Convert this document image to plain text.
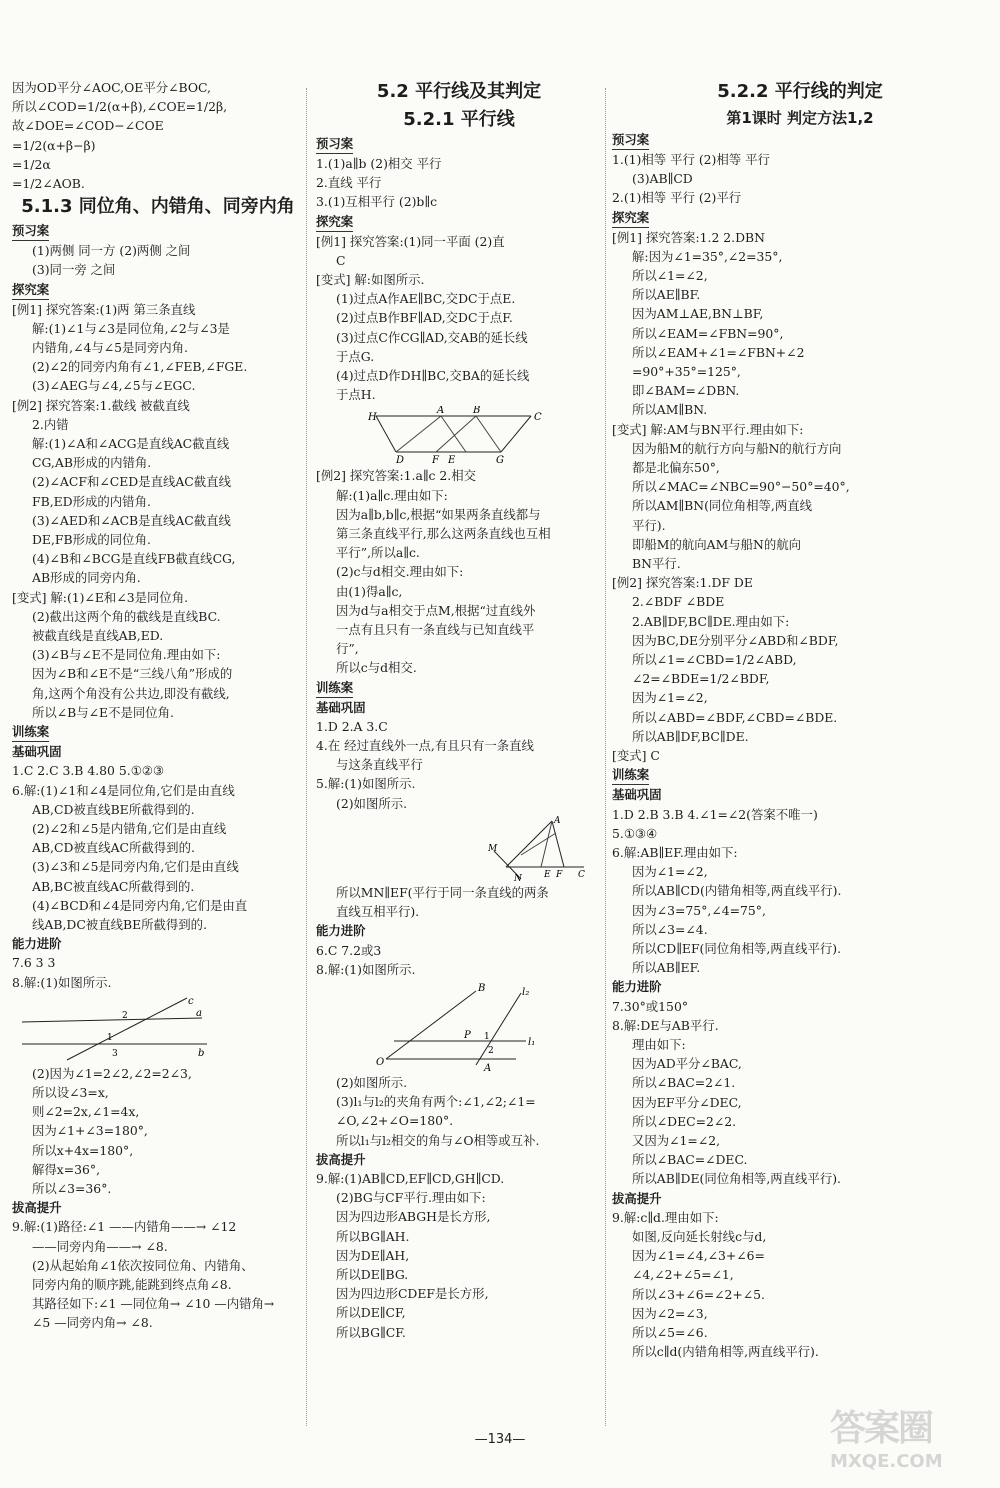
因为OD平分∠AOC,OE平分∠BOC,
所以∠COD=1/2(α+β),∠COE=1/2β,
故∠DOE=∠COD−∠COE
=1/2(α+β−β)
=1/2α
=1/2∠AOB.
5.1.3 同位角、内错角、同旁内角
预习案
(1)两侧 同一方 (2)两侧 之间
(3)同一旁 之间
探究案
[例1] 探究答案:(1)两 第三条直线
解:(1)∠1与∠3是同位角,∠2与∠3是
内错角,∠4与∠5是同旁内角.
(2)∠2的同旁内角有∠1,∠FEB,∠FGE.
(3)∠AEG与∠4,∠5与∠EGC.
[例2] 探究答案:1.截线 被截直线
2.内错
解:(1)∠A和∠ACG是直线AC截直线
CG,AB形成的内错角.
(2)∠ACF和∠CED是直线AC截直线
FB,ED形成的内错角.
(3)∠AED和∠ACB是直线AC截直线
DE,FB形成的同位角.
(4)∠B和∠BCG是直线FB截直线CG,
AB形成的同旁内角.
[变式] 解:(1)∠E和∠3是同位角.
(2)截出这两个角的截线是直线BC.
被截直线是直线AB,ED.
(3)∠B与∠E不是同位角.理由如下:
因为∠B和∠E不是“三线八角”形成的
角,这两个角没有公共边,即没有截线,
所以∠B与∠E不是同位角.
训练案
基础巩固
1.C 2.C 3.B 4.80 5.①②③
6.解:(1)∠1和∠4是同位角,它们是由直线
AB,CD被直线BE所截得到的.
(2)∠2和∠5是内错角,它们是由直线
AB,CD被直线AC所截得到的.
(3)∠3和∠5是同旁内角,它们是由直线
AB,BC被直线AC所截得到的.
(4)∠BCD和∠4是同旁内角,它们是由直
线AB,DC被直线BE所截得到的.
能力进阶
7.6 3 3
8.解:(1)如图所示.
c
a
b
1
2
3
(2)因为∠1=2∠2,∠2=2∠3,
所以设∠3=x,
则∠2=2x,∠1=4x,
因为∠1+∠3=180°,
所以x+4x=180°,
解得x=36°,
所以∠3=36°.
拔高提升
9.解:(1)路径:∠1 ——内错角——→ ∠12
——同旁内角——→ ∠8.
(2)从起始角∠1依次按同位角、内错角、
同旁内角的顺序跳,能跳到终点角∠8.
其路径如下:∠1 —同位角→ ∠10 —内错角→
∠5 —同旁内角→ ∠8.
5.2 平行线及其判定
5.2.1 平行线
预习案
1.(1)a∥b (2)相交 平行
2.直线 平行
3.(1)互相平行 (2)b∥c
探究案
[例1] 探究答案:(1)同一平面 (2)直
C
[变式] 解:如图所示.
(1)过点A作AE∥BC,交DC于点E.
(2)过点B作BF∥AD,交DC于点F.
(3)过点C作CG∥AD,交AB的延长线
于点G.
(4)过点D作DH∥BC,交BA的延长线
于点H.
H
A	B
C
D	E
F	G
[例2] 探究答案:1.a∥c 2.相交
解:(1)a∥c.理由如下:
因为a∥b,b∥c,根据“如果两条直线都与
第三条直线平行,那么这两条直线也互相
平行”,所以a∥c.
(2)c与d相交.理由如下:
由(1)得a∥c,
因为d与a相交于点M,根据“过直线外
一点有且只有一条直线与已知直线平
行”,
所以c与d相交.
训练案
基础巩固
1.D 2.A 3.C
4.在 经过直线外一点,有且只有一条直线
与这条直线平行
5.解:(1)如图所示.
(2)如图所示.
A
M
E F
N	C
所以MN∥EF(平行于同一条直线的两条
直线互相平行).
能力进阶
6.C 7.2或3
8.解:(1)如图所示.
B
O
A
P
l₁
l₂
1
2
(2)如图所示.
(3)l₁与l₂的夹角有两个:∠1,∠2;∠1=
∠O,∠2+∠O=180°.
所以l₁与l₂相交的角与∠O相等或互补.
拔高提升
9.解:(1)AB∥CD,EF∥CD,GH∥CD.
(2)BG与CF平行.理由如下:
因为四边形ABGH是长方形,
所以BG∥AH.
因为DE∥AH,
所以DE∥BG.
因为四边形CDEF是长方形,
所以DE∥CF,
所以BG∥CF.
5.2.2 平行线的判定
第1课时 判定方法1,2
预习案
1.(1)相等 平行 (2)相等 平行
(3)AB∥CD
2.(1)相等 平行 (2)平行
探究案
[例1] 探究答案:1.2 2.DBN
解:因为∠1=35°,∠2=35°,
所以∠1=∠2,
所以AE∥BF.
因为AM⊥AE,BN⊥BF,
所以∠EAM=∠FBN=90°,
所以∠EAM+∠1=∠FBN+∠2
=90°+35°=125°,
即∠BAM=∠DBN.
所以AM∥BN.
[变式] 解:AM与BN平行.理由如下:
因为船M的航行方向与船N的航行方向
都是北偏东50°,
所以∠MAC=∠NBC=90°−50°=40°,
所以AM∥BN(同位角相等,两直线
平行).
即船M的航向AM与船N的航向
BN平行.
[例2] 探究答案:1.DF DE
2.∠BDF ∠BDE
2.AB∥DF,BC∥DE.理由如下:
因为BC,DE分别平分∠ABD和∠BDF,
所以∠1=∠CBD=1/2∠ABD,
∠2=∠BDE=1/2∠BDF,
因为∠1=∠2,
所以∠ABD=∠BDF,∠CBD=∠BDE.
所以AB∥DF,BC∥DE.
[变式] C
训练案
基础巩固
1.D 2.B 3.B 4.∠1=∠2(答案不唯一)
5.①③④
6.解:AB∥EF.理由如下:
因为∠1=∠2,
所以AB∥CD(内错角相等,两直线平行).
因为∠3=75°,∠4=75°,
所以∠3=∠4.
所以CD∥EF(同位角相等,两直线平行).
所以AB∥EF.
能力进阶
7.30°或150°
8.解:DE与AB平行.
理由如下:
因为AD平分∠BAC,
所以∠BAC=2∠1.
因为EF平分∠DEC,
所以∠DEC=2∠2.
又因为∠1=∠2,
所以∠BAC=∠DEC.
所以AB∥DE(同位角相等,两直线平行).
拔高提升
9.解:c∥d.理由如下:
如图,反向延长射线c与d,
因为∠1=∠4,∠3+∠6=
∠4,∠2+∠5=∠1,
所以∠3+∠6=∠2+∠5.
因为∠2=∠3,
所以∠5=∠6.
所以c∥d(内错角相等,两直线平行).
—134—	答案圈
MXQE.COM
